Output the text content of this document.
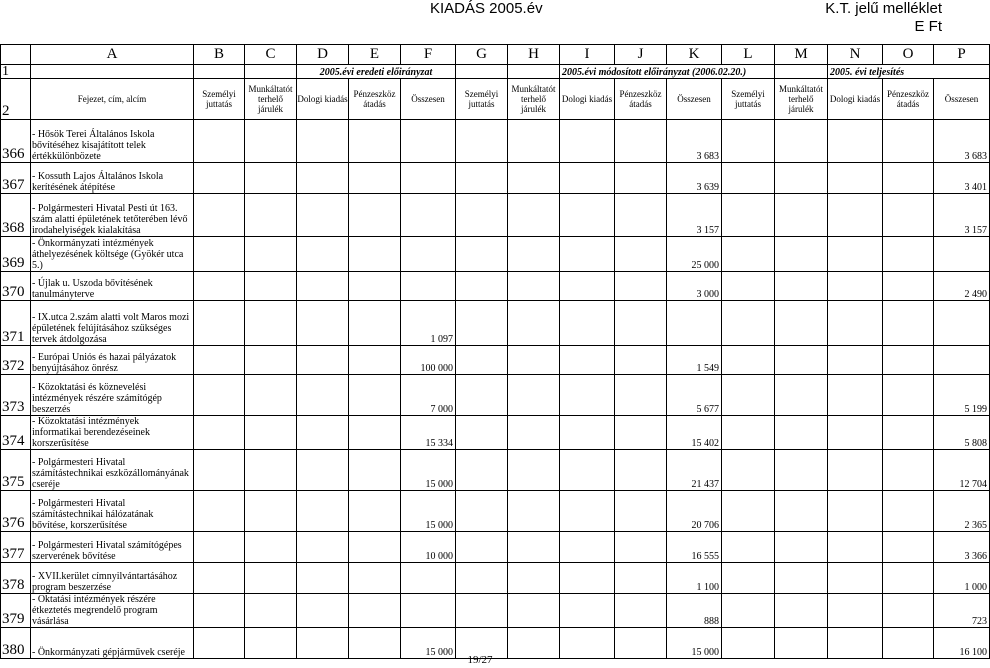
KIADÁS 2005.év	K.T. jelű melléklet
E Ft
	A	B	C	D	E	F	G	H	I	J	K	L	M	N	O	P
1				2005.évi eredeti előirányzat					2005.évi módosított előirányzat (2006.02.20.)					2005. évi teljesítés		
2	Fejezet, cím, alcím	Személyi juttatás	Munkáltatót terhelő járulék	Dologi kiadás	Pénzeszköz átadás	Összesen	Személyi juttatás	Munkáltatót terhelő járulék	Dologi kiadás	Pénzeszköz átadás	Összesen	Személyi juttatás	Munkáltatót terhelő járulék	Dologi kiadás	Pénzeszköz átadás	Összesen
366	- Hősök Terei Általános Iskola bővítéséhez kisajátított telek értékkülönbözete										3 683					3 683
367	- Kossuth Lajos Általános Iskola kerítésének átépítése										3 639					3 401
368	- Polgármesteri Hivatal Pesti út 163. szám alatti épületének tetőterében lévő irodahelyiségek kialakítása										3 157					3 157
369	- Önkormányzati intézmények áthelyezésének költsége (Gyökér utca 5.)										25 000					
370	- Újlak u. Uszoda bővítésének tanulmányterve										3 000					2 490
371	- IX.utca 2.szám alatti volt Maros mozi épületének felújításához szükséges tervek átdolgozása					1 097										
372	- Európai Uniós és hazai pályázatok benyújtásához önrész					100 000					1 549					
373	- Közoktatási és köznevelési intézmények részére számítógép beszerzés					7 000					5 677					5 199
374	- Közoktatási intézmények informatikai berendezéseinek korszerűsítése					15 334					15 402					5 808
375	- Polgármesteri Hivatal számítástechnikai eszközállományának cseréje					15 000					21 437					12 704
376	- Polgármesteri Hivatal számítástechnikai hálózatának bővítése, korszerűsítése					15 000					20 706					2 365
377	- Polgármesteri Hivatal számítógépes szerverének bővítése					10 000					16 555					3 366
378	- XVII.kerület címnyilvántartásához program beszerzése										1 100					1 000
379	- Oktatási intézmények részére étkeztetés megrendelő program vásárlása										888					723
380	- Önkormányzati gépjárművek cseréje					15 000					15 000					16 100
19/27
